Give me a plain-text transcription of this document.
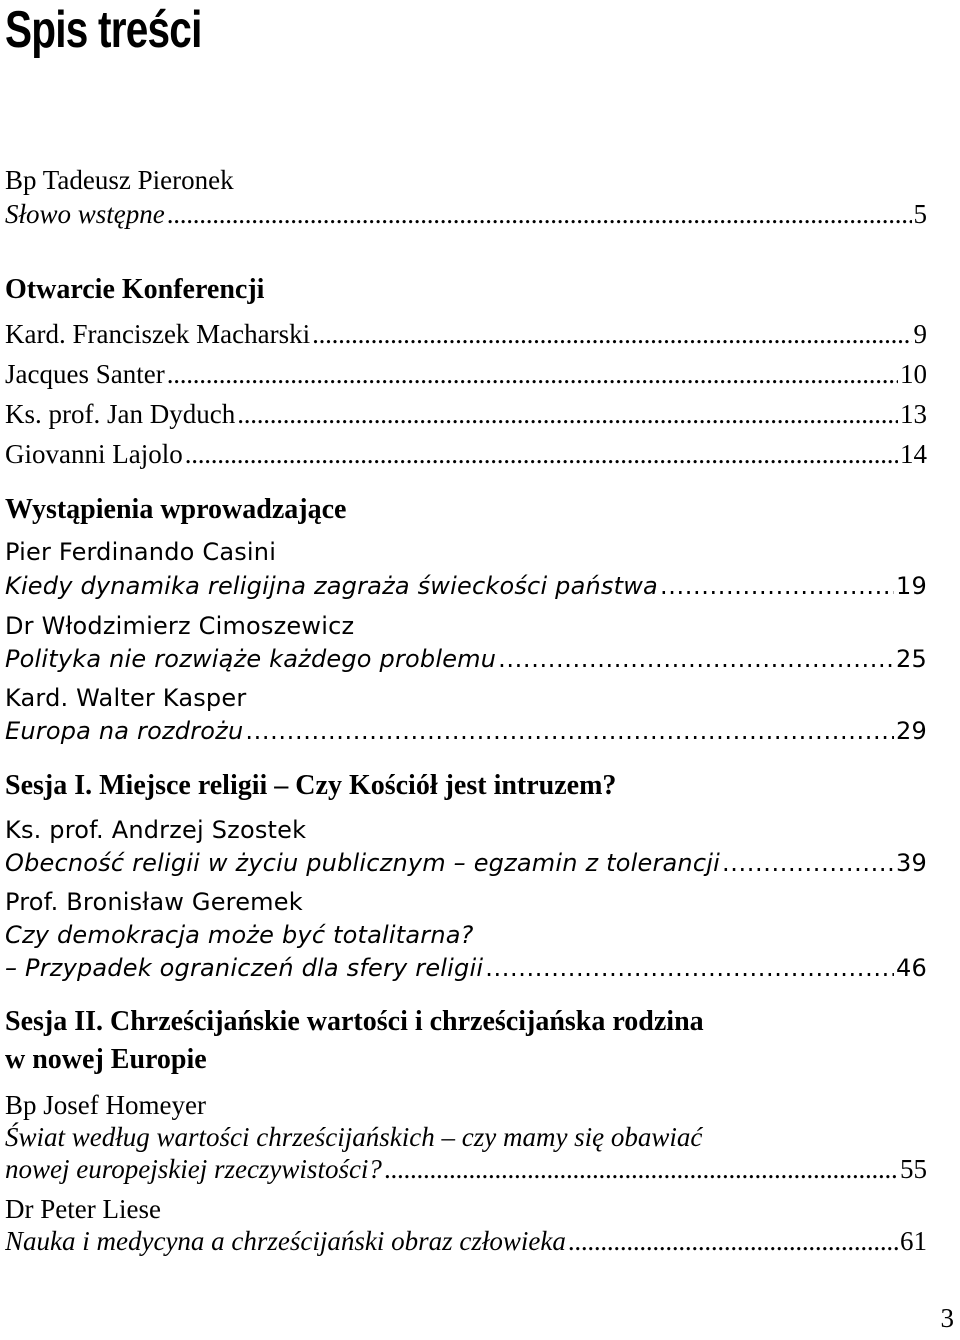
Spis treści
Bp Tadeusz Pieronek
Słowo wstępne . . .	5
Otwarcie Konferencji
Kard. Franciszek Macharski . . .	9
Jacques Santer . . .	10
Ks. prof. Jan Dyduch . . .	13
Giovanni Lajolo . . .	14
Wystąpienia wprowadzające
Pier Ferdinando Casini
Kiedy dynamika religijna zagraża świeckości państwa . . .	19
Dr Włodzimierz Cimoszewicz
Polityka nie rozwiąże każdego problemu . . .	25
Kard. Walter Kasper
Europa na rozdrożu . . .	29
Sesja I. Miejsce religii – Czy Kościół jest intruzem?
Ks. prof. Andrzej Szostek
Obecność religii w życiu publicznym – egzamin z tolerancji . . .	39
Prof. Bronisław Geremek
Czy demokracja może być totalitarna?
– Przypadek ograniczeń dla sfery religii . . .	46
Sesja II. Chrześcijańskie wartości i chrześcijańska rodzina
w nowej Europie
Bp Josef Homeyer
Świat według wartości chrześcijańskich – czy mamy się obawiać
nowej europejskiej rzeczywistości? . . .	55
Dr Peter Liese
Nauka i medycyna a chrześcijański obraz człowieka . . .	61
3
